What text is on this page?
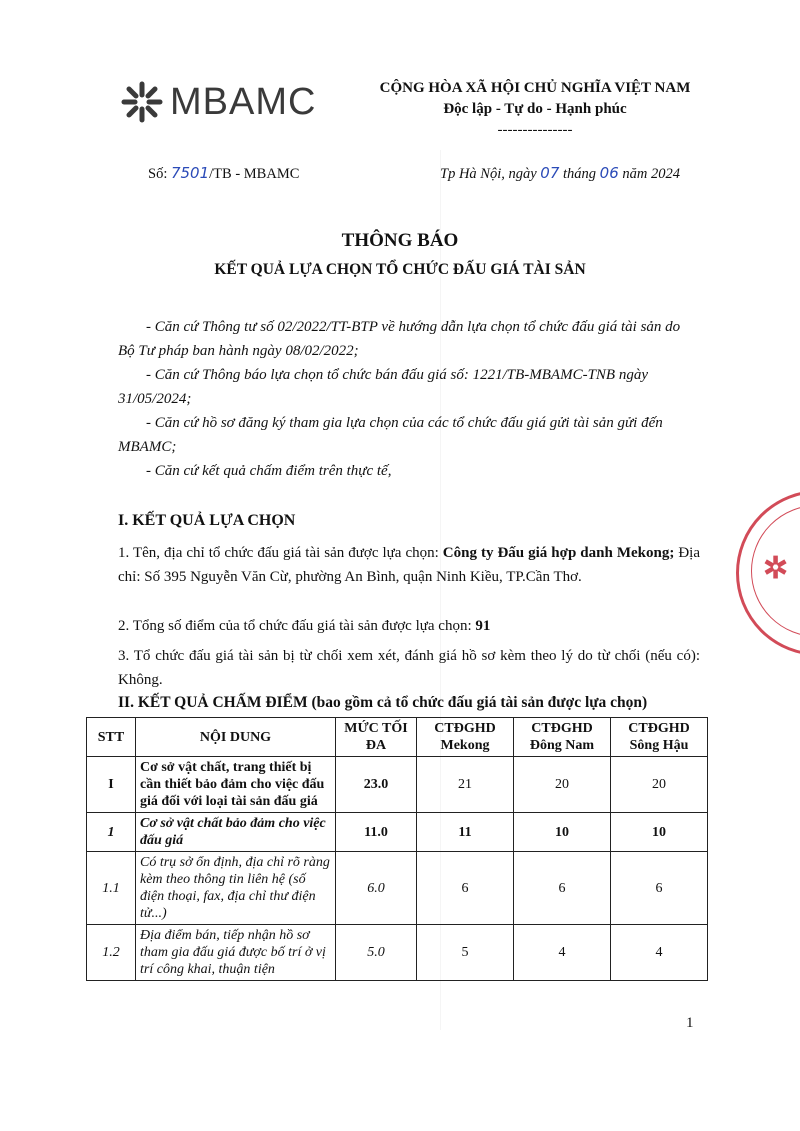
MBAMC	CỘNG HÒA XÃ HỘI CHỦ NGHĨA VIỆT NAM
Độc lập - Tự do - Hạnh phúc
---------------
Số: 7501/TB - MBAMC	Tp Hà Nội, ngày 07 tháng 06 năm 2024
THÔNG BÁO
KẾT QUẢ LỰA CHỌN TỔ CHỨC ĐẤU GIÁ TÀI SẢN
- Căn cứ Thông tư số 02/2022/TT-BTP về hướng dẫn lựa chọn tổ chức đấu giá tài sản do Bộ Tư pháp ban hành ngày 08/02/2022;
- Căn cứ Thông báo lựa chọn tổ chức bán đấu giá số: 1221/TB-MBAMC-TNB ngày 31/05/2024;
- Căn cứ hồ sơ đăng ký tham gia lựa chọn của các tổ chức đấu giá gửi tài sản gửi đến MBAMC;
- Căn cứ kết quả chấm điểm trên thực tế,
I. KẾT QUẢ LỰA CHỌN
1. Tên, địa chỉ tổ chức đấu giá tài sản được lựa chọn: Công ty Đấu giá hợp danh Mekong; Địa chỉ: Số 395 Nguyễn Văn Cừ, phường An Bình, quận Ninh Kiều, TP.Cần Thơ.
2. Tổng số điểm của tổ chức đấu giá tài sản được lựa chọn: 91
3. Tổ chức đấu giá tài sản bị từ chối xem xét, đánh giá hồ sơ kèm theo lý do từ chối (nếu có): Không.
II. KẾT QUẢ CHẤM ĐIỂM (bao gồm cả tổ chức đấu giá tài sản được lựa chọn)
STT	NỘI DUNG	MỨC TỐI ĐA	CTĐGHD Mekong	CTĐGHD Đông Nam	CTĐGHD Sông Hậu
I	Cơ sở vật chất, trang thiết bị cần thiết bảo đảm cho việc đấu giá đối với loại tài sản đấu giá	23.0	21	20	20
1	Cơ sở vật chất bảo đảm cho việc đấu giá	11.0	11	10	10
1.1	Có trụ sở ổn định, địa chỉ rõ ràng kèm theo thông tin liên hệ (số điện thoại, fax, địa chỉ thư điện tử...)	6.0	6	6	6
1.2	Địa điểm bán, tiếp nhận hồ sơ tham gia đấu giá được bố trí ở vị trí công khai, thuận tiện	5.0	5	4	4
✲
1
